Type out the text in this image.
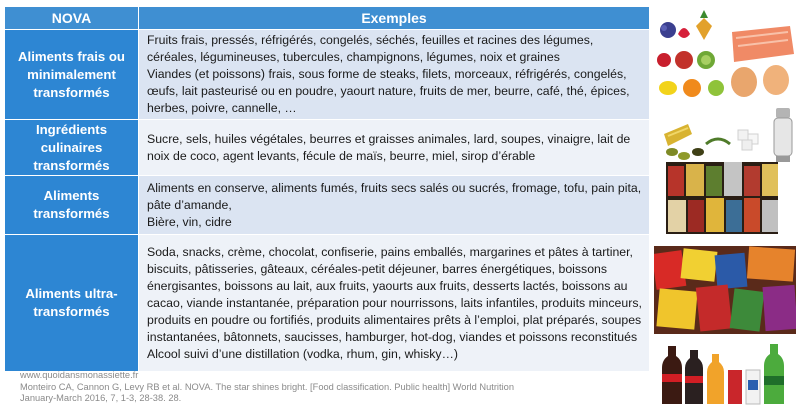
NOVA	Exemples
Aliments frais ou minimalement transformés	Fruits frais, pressés, réfrigérés, congelés, séchés, feuilles et racines des légumes, céréales, légumineuses, tubercules, champignons, légumes, noix et graines
Viandes (et poissons) frais, sous forme de steaks, filets, morceaux, réfrigérés, congelés, œufs, lait pasteurisé ou en poudre, yaourt nature, fruits de mer, beurre, café, thé, épices, herbes, poivre, cannelle, …

Ingrédients culinaires transformés	Sucre, sels, huiles végétales, beurres et graisses animales, lard, soupes, vinaigre, lait de noix de coco, agent levants, fécule de maïs, beurre, miel, sirop d’érable

Aliments transformés	Aliments en conserve, aliments fumés, fruits secs salés ou sucrés, fromage, tofu, pain pita, pâte d’amande,
Bière, vin, cidre

Aliments ultra-transformés	Soda, snacks, crème, chocolat, confiserie, pains emballés, margarines et pâtes à tartiner, biscuits, pâtisseries, gâteaux, céréales-petit déjeuner, barres énergétiques, boissons énergisantes, boissons au lait, aux fruits, yaourts aux fruits, desserts lactés, boissons au cacao, viande instantanée, préparation pour nourrissons, laits infantiles, produits minceurs, produits en poudre ou fortifiés, produits alimentaires prêts à l’emploi, plat préparés, soupes instantanées, bâtonnets, saucisses, hamburger, hot-dog, viandes et poissons reconstitués
Alcool suivi d’une distillation (vodka, rhum, gin, whisky…)
www.quoidansmonassiette.fr
Monteiro CA, Cannon G, Levy RB et al. NOVA. The star shines bright. [Food classification. Public health] World Nutrition
January-March 2016, 7, 1-3, 28-38. 28.
